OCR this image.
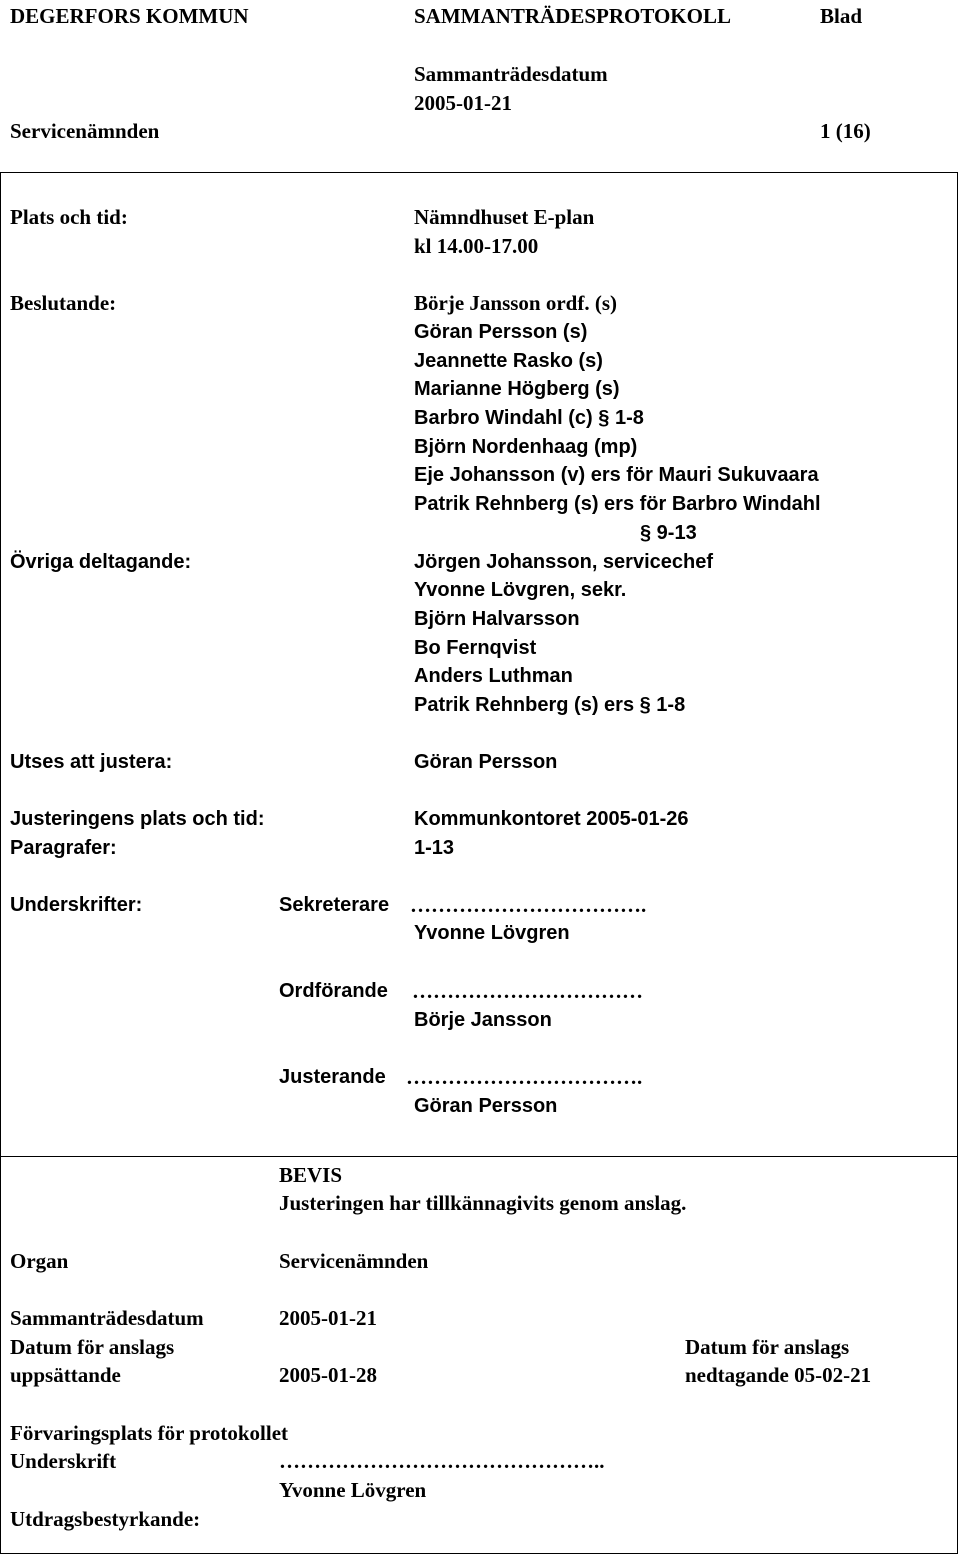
DEGERFORS KOMMUN	SAMMANTRÄDESPROTOKOLL	Blad
Sammanträdesdatum
2005-01-21
Servicenämnden	1 (16)
Plats och tid:	Nämndhuset E-plan
kl 14.00-17.00
Beslutande:	Börje Jansson ordf. (s)
Göran Persson (s)
Jeannette Rasko (s)
Marianne Högberg (s)
Barbro Windahl (c) § 1-8
Björn Nordenhaag (mp)
Eje Johansson (v) ers för Mauri Sukuvaara
Patrik Rehnberg (s) ers för Barbro Windahl
§ 9-13
Övriga deltagande:	Jörgen Johansson, servicechef
Yvonne Lövgren, sekr.
Björn Halvarsson
Bo Fernqvist
Anders Luthman
Patrik Rehnberg (s) ers § 1-8
Utses att justera:	Göran Persson
Justeringens plats och tid:	Kommunkontoret 2005-01-26
Paragrafer:	1-13
Underskrifter:	Sekreterare …………………………….
Yvonne Lövgren
Ordförande ……………………………
Börje Jansson
Justerande …………………………….
Göran Persson
BEVIS
Justeringen har tillkännagivits genom anslag.
Organ	Servicenämnden
Sammanträdesdatum	2005-01-21
Datum för anslags
uppsättande	2005-01-28
Datum för anslags
nedtagande 05-02-21
Förvaringsplats för protokollet
Underskrift	………………………………………..
Yvonne Lövgren
Utdragsbestyrkande:
